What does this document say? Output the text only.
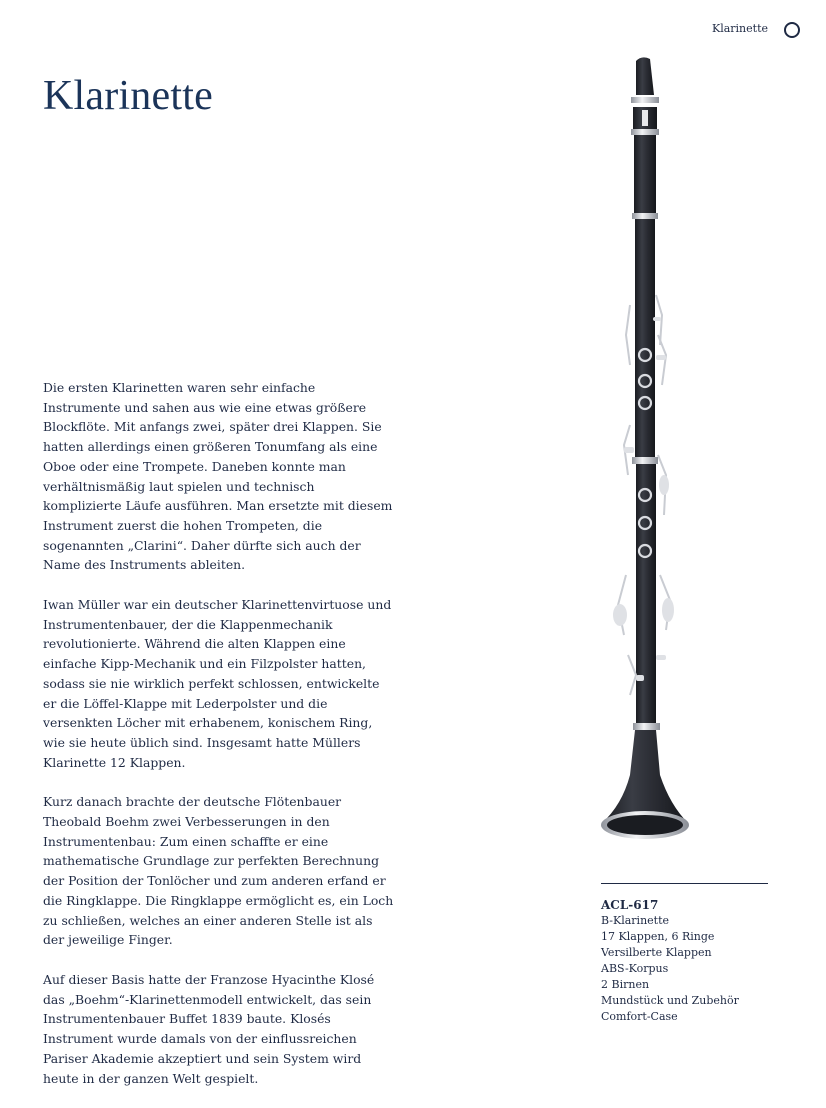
Klarinette
Klarinette

Die ersten Klarinetten waren sehr einfache Instrumente und sahen aus wie eine etwas größere Blockflöte. Mit anfangs zwei, später drei Klappen. Sie hatten allerdings einen größeren Tonumfang als eine Oboe oder eine Trompete. Daneben konnte man verhältnismäßig laut spielen und technisch komplizierte Läufe ausführen. Man ersetzte mit diesem Instrument zuerst die hohen Trompeten, die sogenannten „Clarini“. Daher dürfte sich auch der Name des Instruments ableiten.

Iwan Müller war ein deutscher Klarinettenvirtuose und Instrumentenbauer, der die Klappenmechanik revolutionierte. Während die alten Klappen eine einfache Kipp-Mechanik und ein Filzpolster hatten, sodass sie nie wirklich perfekt schlossen, entwickelte er die Löffel-Klappe mit Lederpolster und die versenkten Löcher mit erhabenem, konischem Ring, wie sie heute üblich sind. Insgesamt hatte Müllers Klarinette 12 Klappen.

Kurz danach brachte der deutsche Flötenbauer Theobald Boehm zwei Verbesserungen in den Instrumentenbau: Zum einen schaffte er eine mathematische Grundlage zur perfekten Berechnung der Position der Tonlöcher und zum anderen erfand er die Ringklappe. Die Ringklappe ermöglicht es, ein Loch zu schließen, welches an einer anderen Stelle ist als der jeweilige Finger.

Auf dieser Basis hatte der Franzose Hyacinthe Klosé das „Boehm“-Klarinettenmodell entwickelt, das sein Instrumentenbauer Buffet 1839 baute. Klosés Instrument wurde damals von der einflussreichen Pariser Akademie akzeptiert und sein System wird heute in der ganzen Welt gespielt.

ACL-617
B-Klarinette
17 Klappen, 6 Ringe
Versilberte Klappen
ABS-Korpus
2 Birnen
Mundstück und Zubehör
Comfort-Case
